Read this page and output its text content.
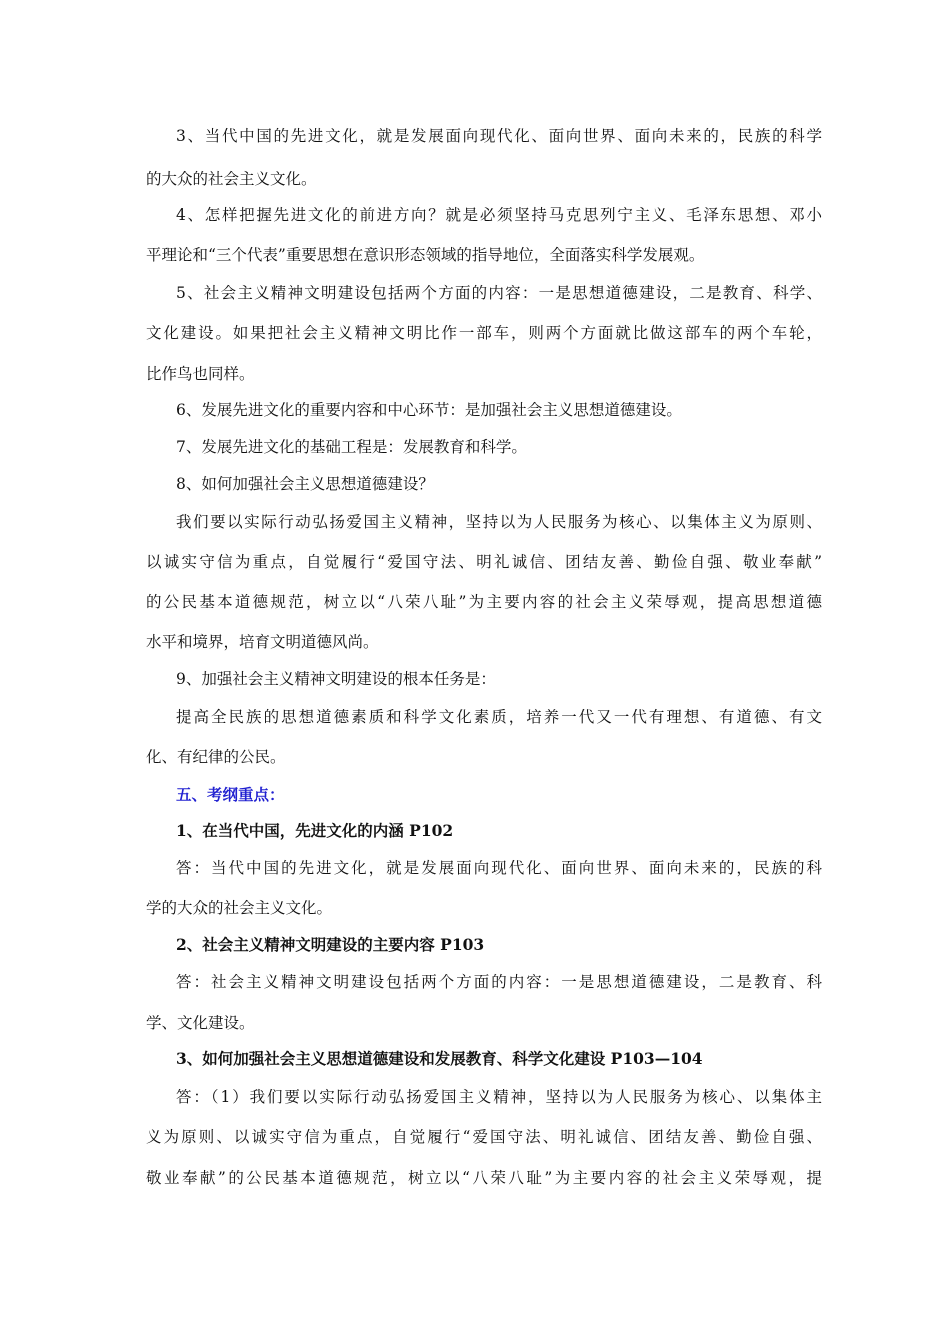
3、当代中国的先进文化，就是发展面向现代化、面向世界、面向未来的，民族的科学
的大众的社会主义文化。
4、怎样把握先进文化的前进方向？就是必须坚持马克思列宁主义、毛泽东思想、邓小
平理论和“三个代表”重要思想在意识形态领域的指导地位，全面落实科学发展观。
5、社会主义精神文明建设包括两个方面的内容：一是思想道德建设，二是教育、科学、
文化建设。如果把社会主义精神文明比作一部车，则两个方面就比做这部车的两个车轮，
比作鸟也同样。
6、发展先进文化的重要内容和中心环节：是加强社会主义思想道德建设。
7、发展先进文化的基础工程是：发展教育和科学。
8、如何加强社会主义思想道德建设？
我们要以实际行动弘扬爱国主义精神，坚持以为人民服务为核心、以集体主义为原则、
以诚实守信为重点，自觉履行“爱国守法、明礼诚信、团结友善、勤俭自强、敬业奉献”
的公民基本道德规范，树立以“八荣八耻”为主要内容的社会主义荣辱观，提高思想道德
水平和境界，培育文明道德风尚。
9、加强社会主义精神文明建设的根本任务是：
提高全民族的思想道德素质和科学文化素质，培养一代又一代有理想、有道德、有文
化、有纪律的公民。
五、考纲重点：
1、在当代中国，先进文化的内涵 P102
答：当代中国的先进文化，就是发展面向现代化、面向世界、面向未来的，民族的科
学的大众的社会主义文化。
2、社会主义精神文明建设的主要内容 P103
答：社会主义精神文明建设包括两个方面的内容：一是思想道德建设，二是教育、科
学、文化建设。
3、如何加强社会主义思想道德建设和发展教育、科学文化建设 P103—104
答：（1）我们要以实际行动弘扬爱国主义精神，坚持以为人民服务为核心、以集体主
义为原则、以诚实守信为重点，自觉履行“爱国守法、明礼诚信、团结友善、勤俭自强、
敬业奉献”的公民基本道德规范，树立以“八荣八耻”为主要内容的社会主义荣辱观，提
